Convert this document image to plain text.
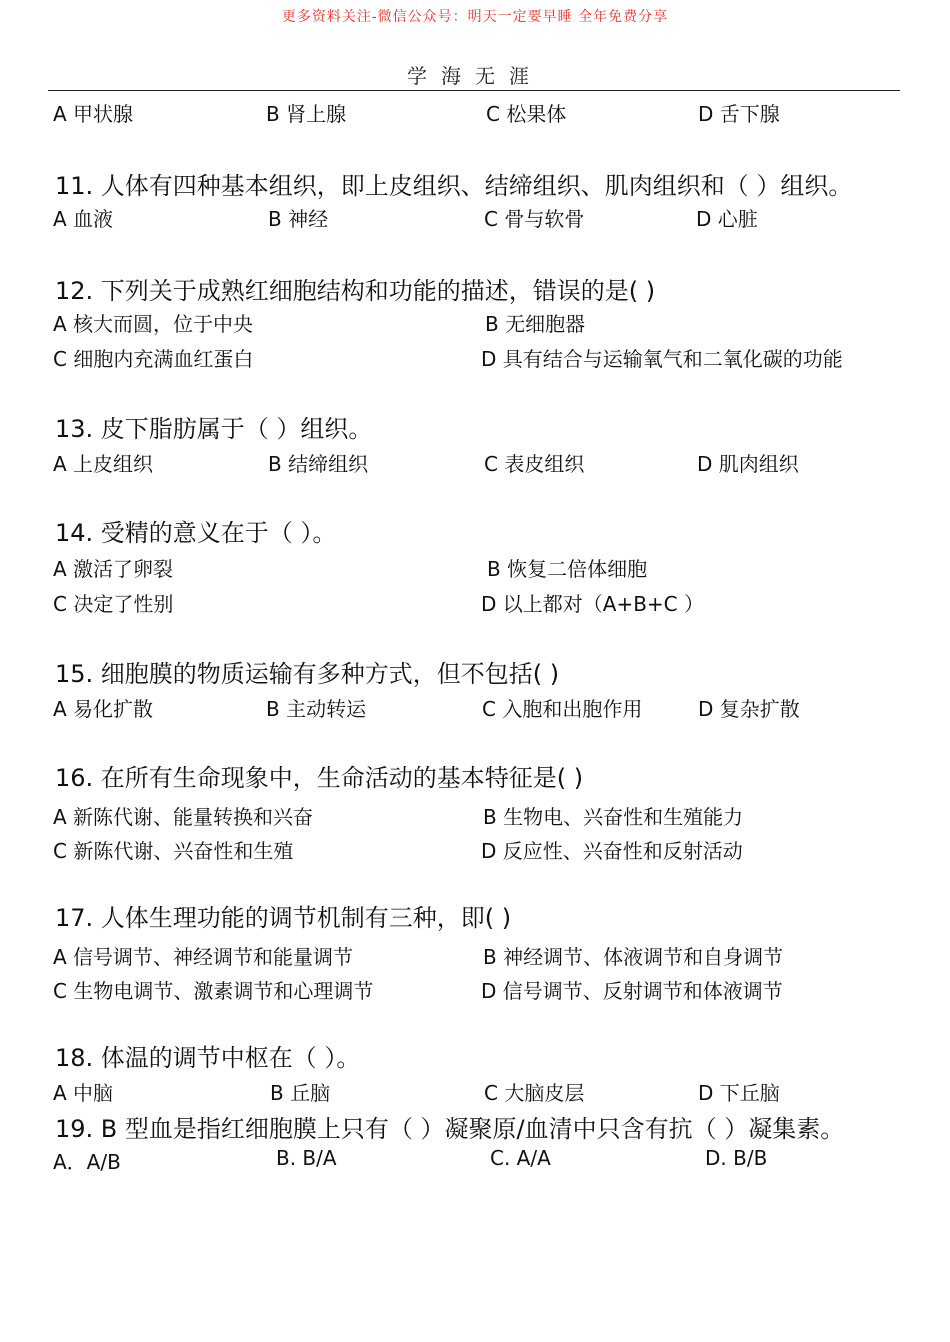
更多资料关注-微信公众号：明天一定要早睡 全年免费分享
学海无涯
A 甲状腺	B 肾上腺	C 松果体	D 舌下腺
11. 人体有四种基本组织，即上皮组织、结缔组织、肌肉组织和（ ）组织。
A 血液	B 神经	C 骨与软骨	D 心脏
12. 下列关于成熟红细胞结构和功能的描述，错误的是( )
A 核大而圆，位于中央	B 无细胞器
C 细胞内充满血红蛋白	D 具有结合与运输氧气和二氧化碳的功能
13. 皮下脂肪属于（ ）组织。
A 上皮组织	B 结缔组织	C 表皮组织	D 肌肉组织
14. 受精的意义在于（ ）。
A 激活了卵裂	B 恢复二倍体细胞
C 决定了性别	D 以上都对（A+B+C ）
15. 细胞膜的物质运输有多种方式，但不包括( )
A 易化扩散	B 主动转运	C 入胞和出胞作用	D 复杂扩散
16. 在所有生命现象中，生命活动的基本特征是( )
A 新陈代谢、能量转换和兴奋	B 生物电、兴奋性和生殖能力
C 新陈代谢、兴奋性和生殖	D 反应性、兴奋性和反射活动
17. 人体生理功能的调节机制有三种，即( )
A 信号调节、神经调节和能量调节	B 神经调节、体液调节和自身调节
C 生物电调节、激素调节和心理调节	D 信号调节、反射调节和体液调节
18. 体温的调节中枢在（ ）。
A 中脑	B 丘脑	C 大脑皮层	D 下丘脑
19. B 型血是指红细胞膜上只有（ ）凝聚原/血清中只含有抗（ ）凝集素。
A．A/B	B. B/A	C. A/A	D. B/B
